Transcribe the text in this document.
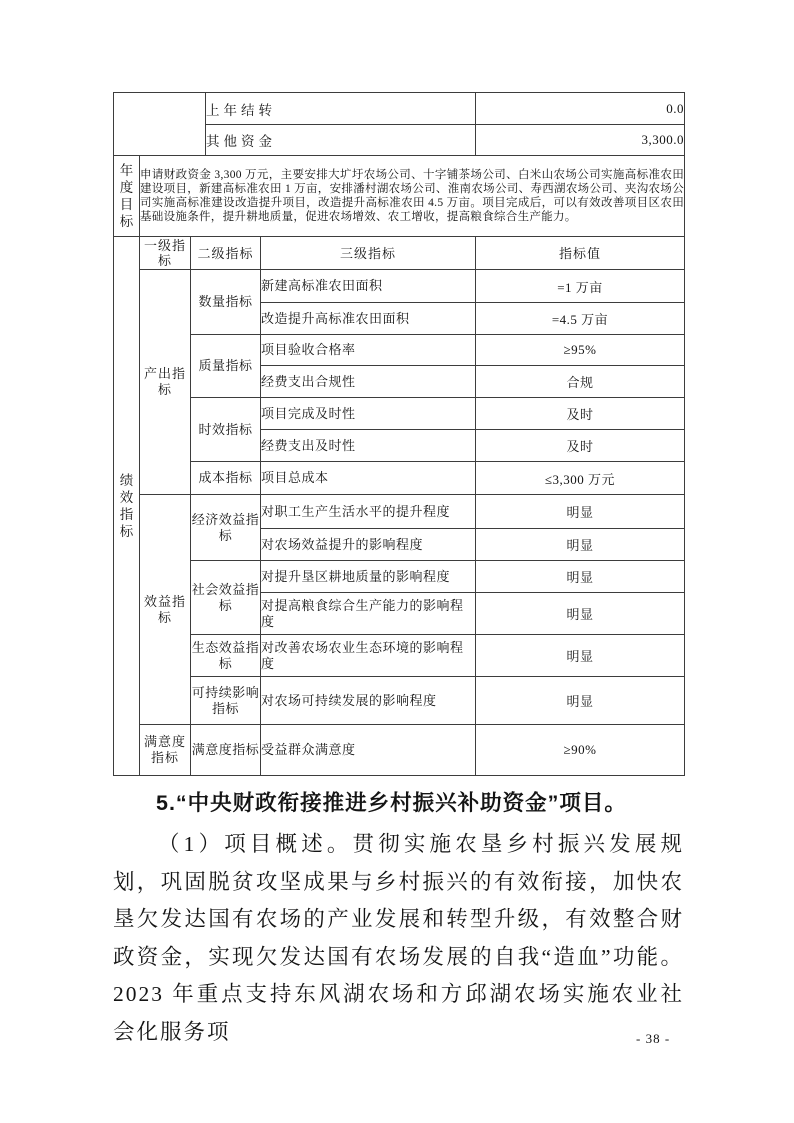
	上年结转	0.0
	其他资金	3,300.0
年度目标	申请财政资金 3,300 万元，主要安排大圹圩农场公司、十字铺茶场公司、白米山农场公司实施高标准农田建设项目，新建高标准农田 1 万亩，安排潘村湖农场公司、淮南农场公司、寿西湖农场公司、夹沟农场公司实施高标准建设改造提升项目，改造提升高标准农田 4.5 万亩。项目完成后，可以有效改善项目区农田基础设施条件，提升耕地质量，促进农场增效、农工增收，提高粮食综合生产能力。
绩效指标	一级指标	二级指标	三级指标	指标值
	产出指标	数量指标	新建高标准农田面积	=1 万亩
			改造提升高标准农田面积	=4.5 万亩
		质量指标	项目验收合格率	≥95%
			经费支出合规性	合规
		时效指标	项目完成及时性	及时
			经费支出及时性	及时
		成本指标	项目总成本	≤3,300 万元
	效益指标	经济效益指标	对职工生产生活水平的提升程度	明显
			对农场效益提升的影响程度	明显
		社会效益指标	对提升垦区耕地质量的影响程度	明显
			对提高粮食综合生产能力的影响程度	明显
		生态效益指标	对改善农场农业生态环境的影响程度	明显
		可持续影响指标	对农场可持续发展的影响程度	明显
	满意度指标	满意度指标	受益群众满意度	≥90%
5.“中央财政衔接推进乡村振兴补助资金”项目。
（1）项目概述。贯彻实施农垦乡村振兴发展规划，巩固脱贫攻坚成果与乡村振兴的有效衔接，加快农垦欠发达国有农场的产业发展和转型升级，有效整合财政资金，实现欠发达国有农场发展的自我“造血”功能。2023 年重点支持东风湖农场和方邱湖农场实施农业社会化服务项	- 38 -
